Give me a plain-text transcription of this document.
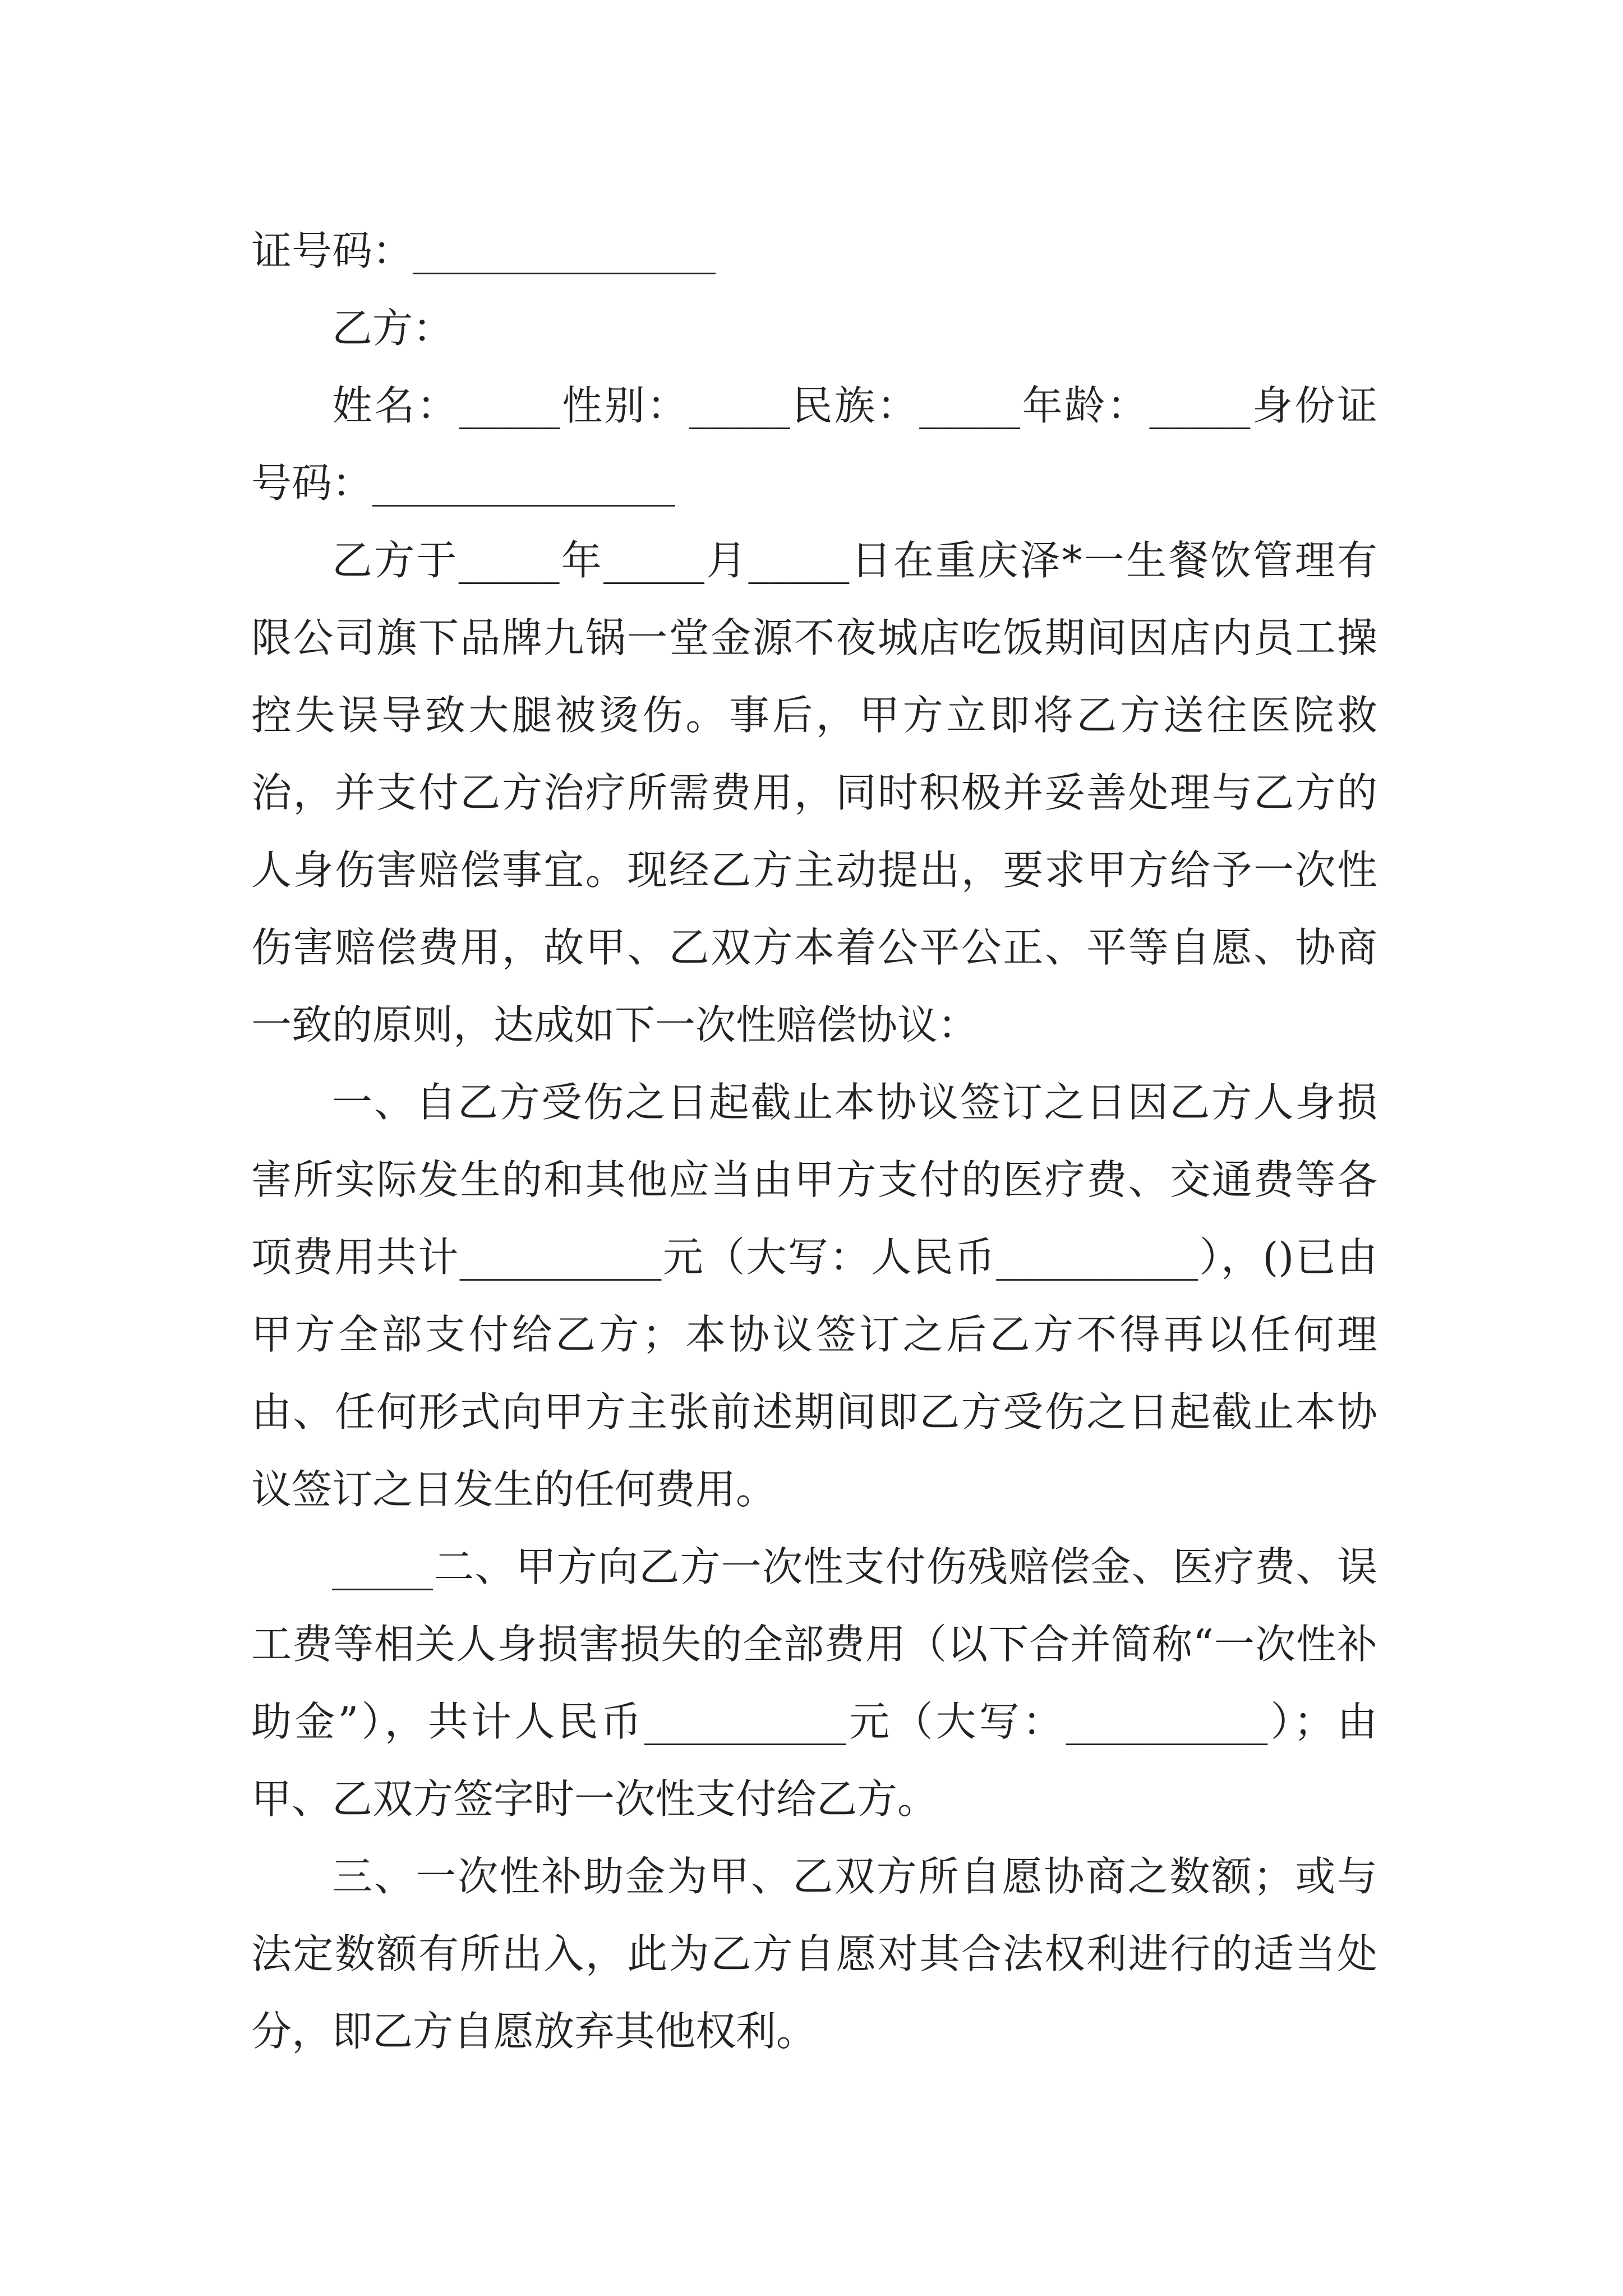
证号码：_______________

乙方：

姓名：_____性别：_____民族：_____年龄：_____身份证号码：_______________

乙方于_____年_____月_____日在重庆泽*一生餐饮管理有限公司旗下品牌九锅一堂金源不夜城店吃饭期间因店内员工操控失误导致大腿被烫伤。事后，甲方立即将乙方送往医院救治，并支付乙方治疗所需费用，同时积极并妥善处理与乙方的人身伤害赔偿事宜。现经乙方主动提出，要求甲方给予一次性伤害赔偿费用，故甲、乙双方本着公平公正、平等自愿、协商一致的原则，达成如下一次性赔偿协议：

一、自乙方受伤之日起截止本协议签订之日因乙方人身损害所实际发生的和其他应当由甲方支付的医疗费、交通费等各项费用共计__________元（大写：人民币__________），()已由甲方全部支付给乙方；本协议签订之后乙方不得再以任何理由、任何形式向甲方主张前述期间即乙方受伤之日起截止本协议签订之日发生的任何费用。

_____二、甲方向乙方一次性支付伤残赔偿金、医疗费、误工费等相关人身损害损失的全部费用（以下合并简称“一次性补助金”），共计人民币__________元（大写：__________）；由甲、乙双方签字时一次性支付给乙方。

三、一次性补助金为甲、乙双方所自愿协商之数额；或与法定数额有所出入，此为乙方自愿对其合法权利进行的适当处分，即乙方自愿放弃其他权利。
